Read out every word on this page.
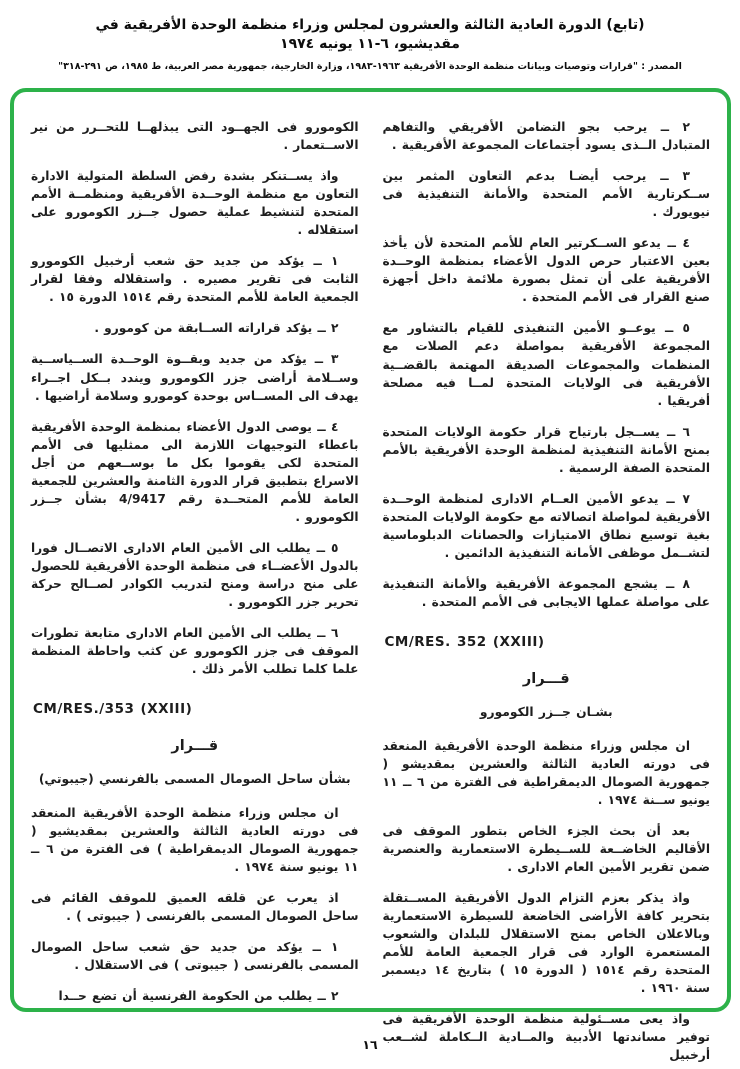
(تابع) الدورة العادية الثالثة والعشرون لمجلس وزراء منظمة الوحدة الأفريقية في مقديشيو، ٦-١١ يونيه ١٩٧٤
المصدر : "قرارات وتوصيات وبيانات منظمة الوحدة الأفريقية ١٩٦٣-١٩٨٣، وزارة الخارجية، جمهورية مصر العربية، ط ١٩٨٥، ص ٢٩١-٣١٨"

٢ ــ يرحب بجو التضامن الأفريقي والتفاهم المتبادل الــذى يسود أجتماعات المجموعة الأفريقية .

٣ ــ يرحب أيضـا بدعم التعاون المثمر بين ســكرتارية الأمم المتحدة والأمانة التنفيذية فى نيويورك .

٤ ــ يدعو الســكرتير العام للأمم المتحدة لأن يأخذ بعين الاعتبار حرص الدول الأعضاء بمنظمة الوحــدة الأفريقية على أن تمثل بصورة ملائمة داخل أجهزة صنع القرار فى الأمم المتحدة .

٥ ــ يوعــو الأمين التنفيذى للقيام بالتشاور مع المجموعة الأفريقية بمواصلة دعم الصلات مع المنظمات والمجموعات الصديقة المهتمة بالقضــية الأفريقية فى الولايات المتحدة لمــا فيه مصلحة أفريقيا .

٦ ــ يســجل بارتياح قرار حكومة الولايات المتحدة بمنح الأمانة التنفيذية لمنظمة الوحدة الأفريقية بالأمم المتحدة الصفة الرسمية .

٧ ــ يدعو الأمين العــام الادارى لمنظمة الوحــدة الأفريقية لمواصلة اتصالاته مع حكومة الولايات المتحدة بغية توسيع نطاق الامتيازات والحصانات الدبلوماسية لتشــمل موظفى الأمانة التنفيذية الدائمين .

٨ ــ يشجع المجموعة الأفريقية والأمانة التنفيذية على مواصلة عملها الايجابى فى الأمم المتحدة .

CM/RES. 352 (XXIII)

قـــرار

بشـان جــزر الكومورو

ان مجلس وزراء منظمة الوحدة الأفريقية المنعقد فى دورته العادية الثالثة والعشرين بمقديشو ( جمهورية الصومال الديمقراطية فى الفترة من ٦ ــ ١١ يونيو ســنة ١٩٧٤ .

بعد أن بحث الجزء الخاص بتطور الموقف فى الأقاليم الخاضــعة للســيطرة الاستعمارية والعنصرية ضمن تقرير الأمين العام الادارى .

واذ يذكر بعزم التزام الدول الأفريقية المســتقلة بتحرير كافة الأراضى الخاضعة للسيطرة الاستعمارية وبالاعلان الخاص بمنح الاستقلال للبلدان والشعوب المستعمرة الوارد فى قرار الجمعية العامة للأمم المتحدة رقم ١٥١٤ ( الدورة ١٥ ) بتاريخ ١٤ ديسمبر سنة ١٩٦٠ .

واذ يعى مســئولية منظمة الوحدة الأفريقية فى توفير مساندتها الأدبية والمــادية الــكاملة لشــعب أرخبيل

الكومورو فى الجهــود التى يبذلهــا للتحــرر من نير الاســتعمار .

واذ يســتنكر بشدة رفض السلطة المتولية الادارة التعاون مع منظمة الوحــدة الأفريقية ومنظمــة الأمم المتحدة لتنشيط عملية حصول جــزر الكومورو على استقلاله .

١ ــ يؤكد من جديد حق شعب أرخبيل الكومورو الثابت فى تقرير مصيره . واستقلاله وفقا لقرار الجمعية العامة للأمم المتحدة رقم ١٥١٤ الدورة ١٥ .

٢ ــ يؤكد قراراته الســابقة من كومورو .

٣ ــ يؤكد من جديد وبقــوة الوحــدة الســياســية وســلامة أراضى جزر الكومورو ويندد بــكل اجــراء يهدف الى المســاس بوحدة كومورو وسلامة أراضيها .

٤ ــ يوصى الدول الأعضاء بمنظمة الوحدة الأفريقية باعطاء التوجيهات اللازمة الى ممثليها فى الأمم المتحدة لكى يقوموا بكل ما بوســعهم من أجل الاسراع بتطبيق قرار الدورة الثامنة والعشرين للجمعية العامة للأمم المتحــدة رقم 4/9417 بشأن جــزر الكومورو .

٥ ــ يطلب الى الأمين العام الادارى الاتصــال فورا بالدول الأعضــاء فى منظمة الوحدة الأفريقية للحصول على منح دراسة ومنح لتدريب الكوادر لصــالح حركة تحرير جزر الكومورو .

٦ ــ يطلب الى الأمين العام الادارى متابعة تطورات الموقف فى جزر الكومورو عن كثب واحاطة المنظمة علما كلما تطلب الأمر ذلك .

CM/RES./353 (XXIII)

قـــرار

بشأن ساحل الصومال المسمى بالفرنسي (جيبوتي)

ان مجلس وزراء منظمة الوحدة الأفريقية المنعقد فى دورته العادية الثالثة والعشرين بمقديشيو ( جمهورية الصومال الديمقراطية ) فى الفترة من ٦ ــ ١١ يونيو سنة ١٩٧٤ .

اذ يعرب عن قلقه العميق للموقف القائم فى ساحل الصومال المسمى بالفرنسى ( جيبوتى ) .

١ ــ يؤكد من جديد حق شعب ساحل الصومال المسمى بالفرنسى ( جيبوتى ) فى الاستقلال .

٢ ــ يطلب من الحكومة الفرنسية أن تضع حــدا

١٦
